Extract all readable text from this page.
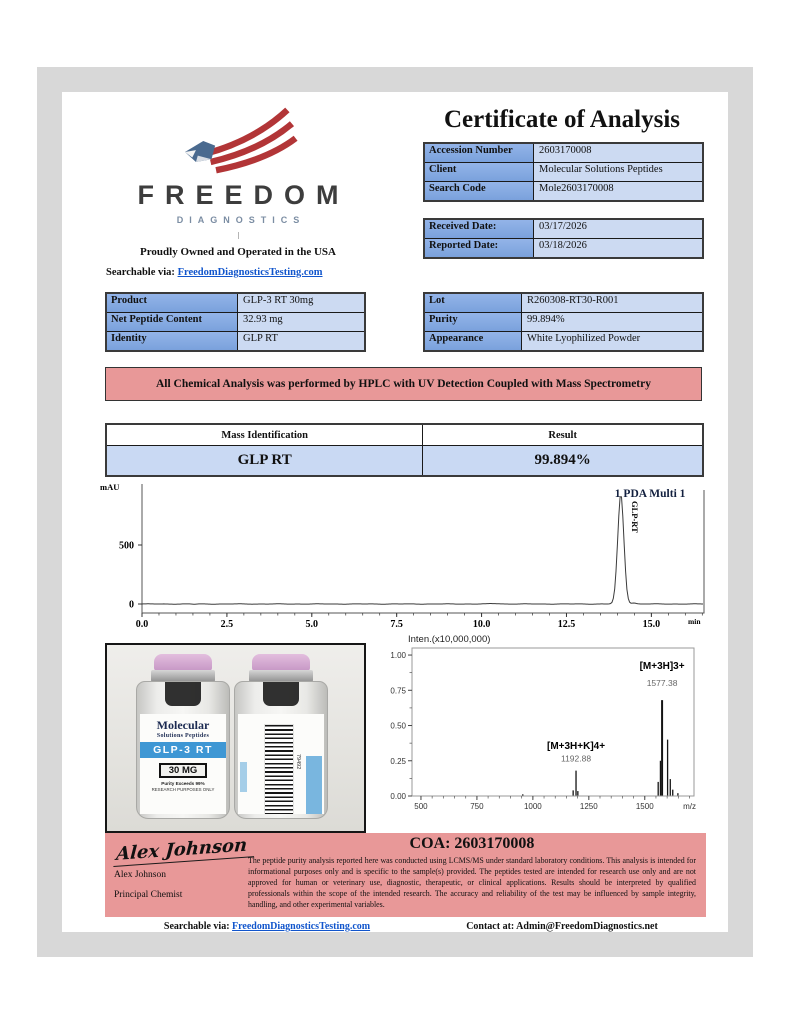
FREEDOM
DIAGNOSTICS
Proudly Owned and Operated in the USA
Searchable via: FreedomDiagnosticsTesting.com
Certificate of Analysis
Accession Number	2603170008
Client	Molecular Solutions Peptides
Search Code	Mole2603170008
Received Date:	03/17/2026
Reported Date:	03/18/2026
Product	GLP-3 RT 30mg
Net Peptide Content	32.93 mg
Identity	GLP RT
Lot	R260308-RT30-R001
Purity	99.894%
Appearance	White Lyophilized Powder
All Chemical Analysis was performed by HPLC with UV Detection Coupled with Mass Spectrometry
Mass Identification	Result
GLP RT	99.894%
0
500
mAU
0.0	2.5	5.0	7.5	10.0	12.5	15.0	min
1 PDA Multi 1
GLP-RT
Molecular
Solutions Peptides
GLP-3 RT
30 MG
Purity Exceeds 99%
RESEARCH PURPOSES ONLY
79492
Inten.(x10,000,000)
0.00
0.25
0.50
0.75
1.00
500	750	1000	1250	1500	m/z
[M+3H+K]4+
1192.88
[M+3H]3+
1577.38
Alex Johnson
Alex Johnson
Principal Chemist
COA: 2603170008
The peptide purity analysis reported here was conducted using LCMS/MS under standard laboratory conditions. This analysis is intended for informational purposes only and is specific to the sample(s) provided. The peptides tested are intended for research use only and are not approved for human or veterinary use, diagnostic, therapeutic, or clinical applications. Results should be interpreted by qualified professionals within the scope of the intended research. The accuracy and reliability of the test may be influenced by sample integrity, handling, and other experimental variables.
Searchable via: FreedomDiagnosticsTesting.com	Contact at: Admin@FreedomDiagnostics.net
